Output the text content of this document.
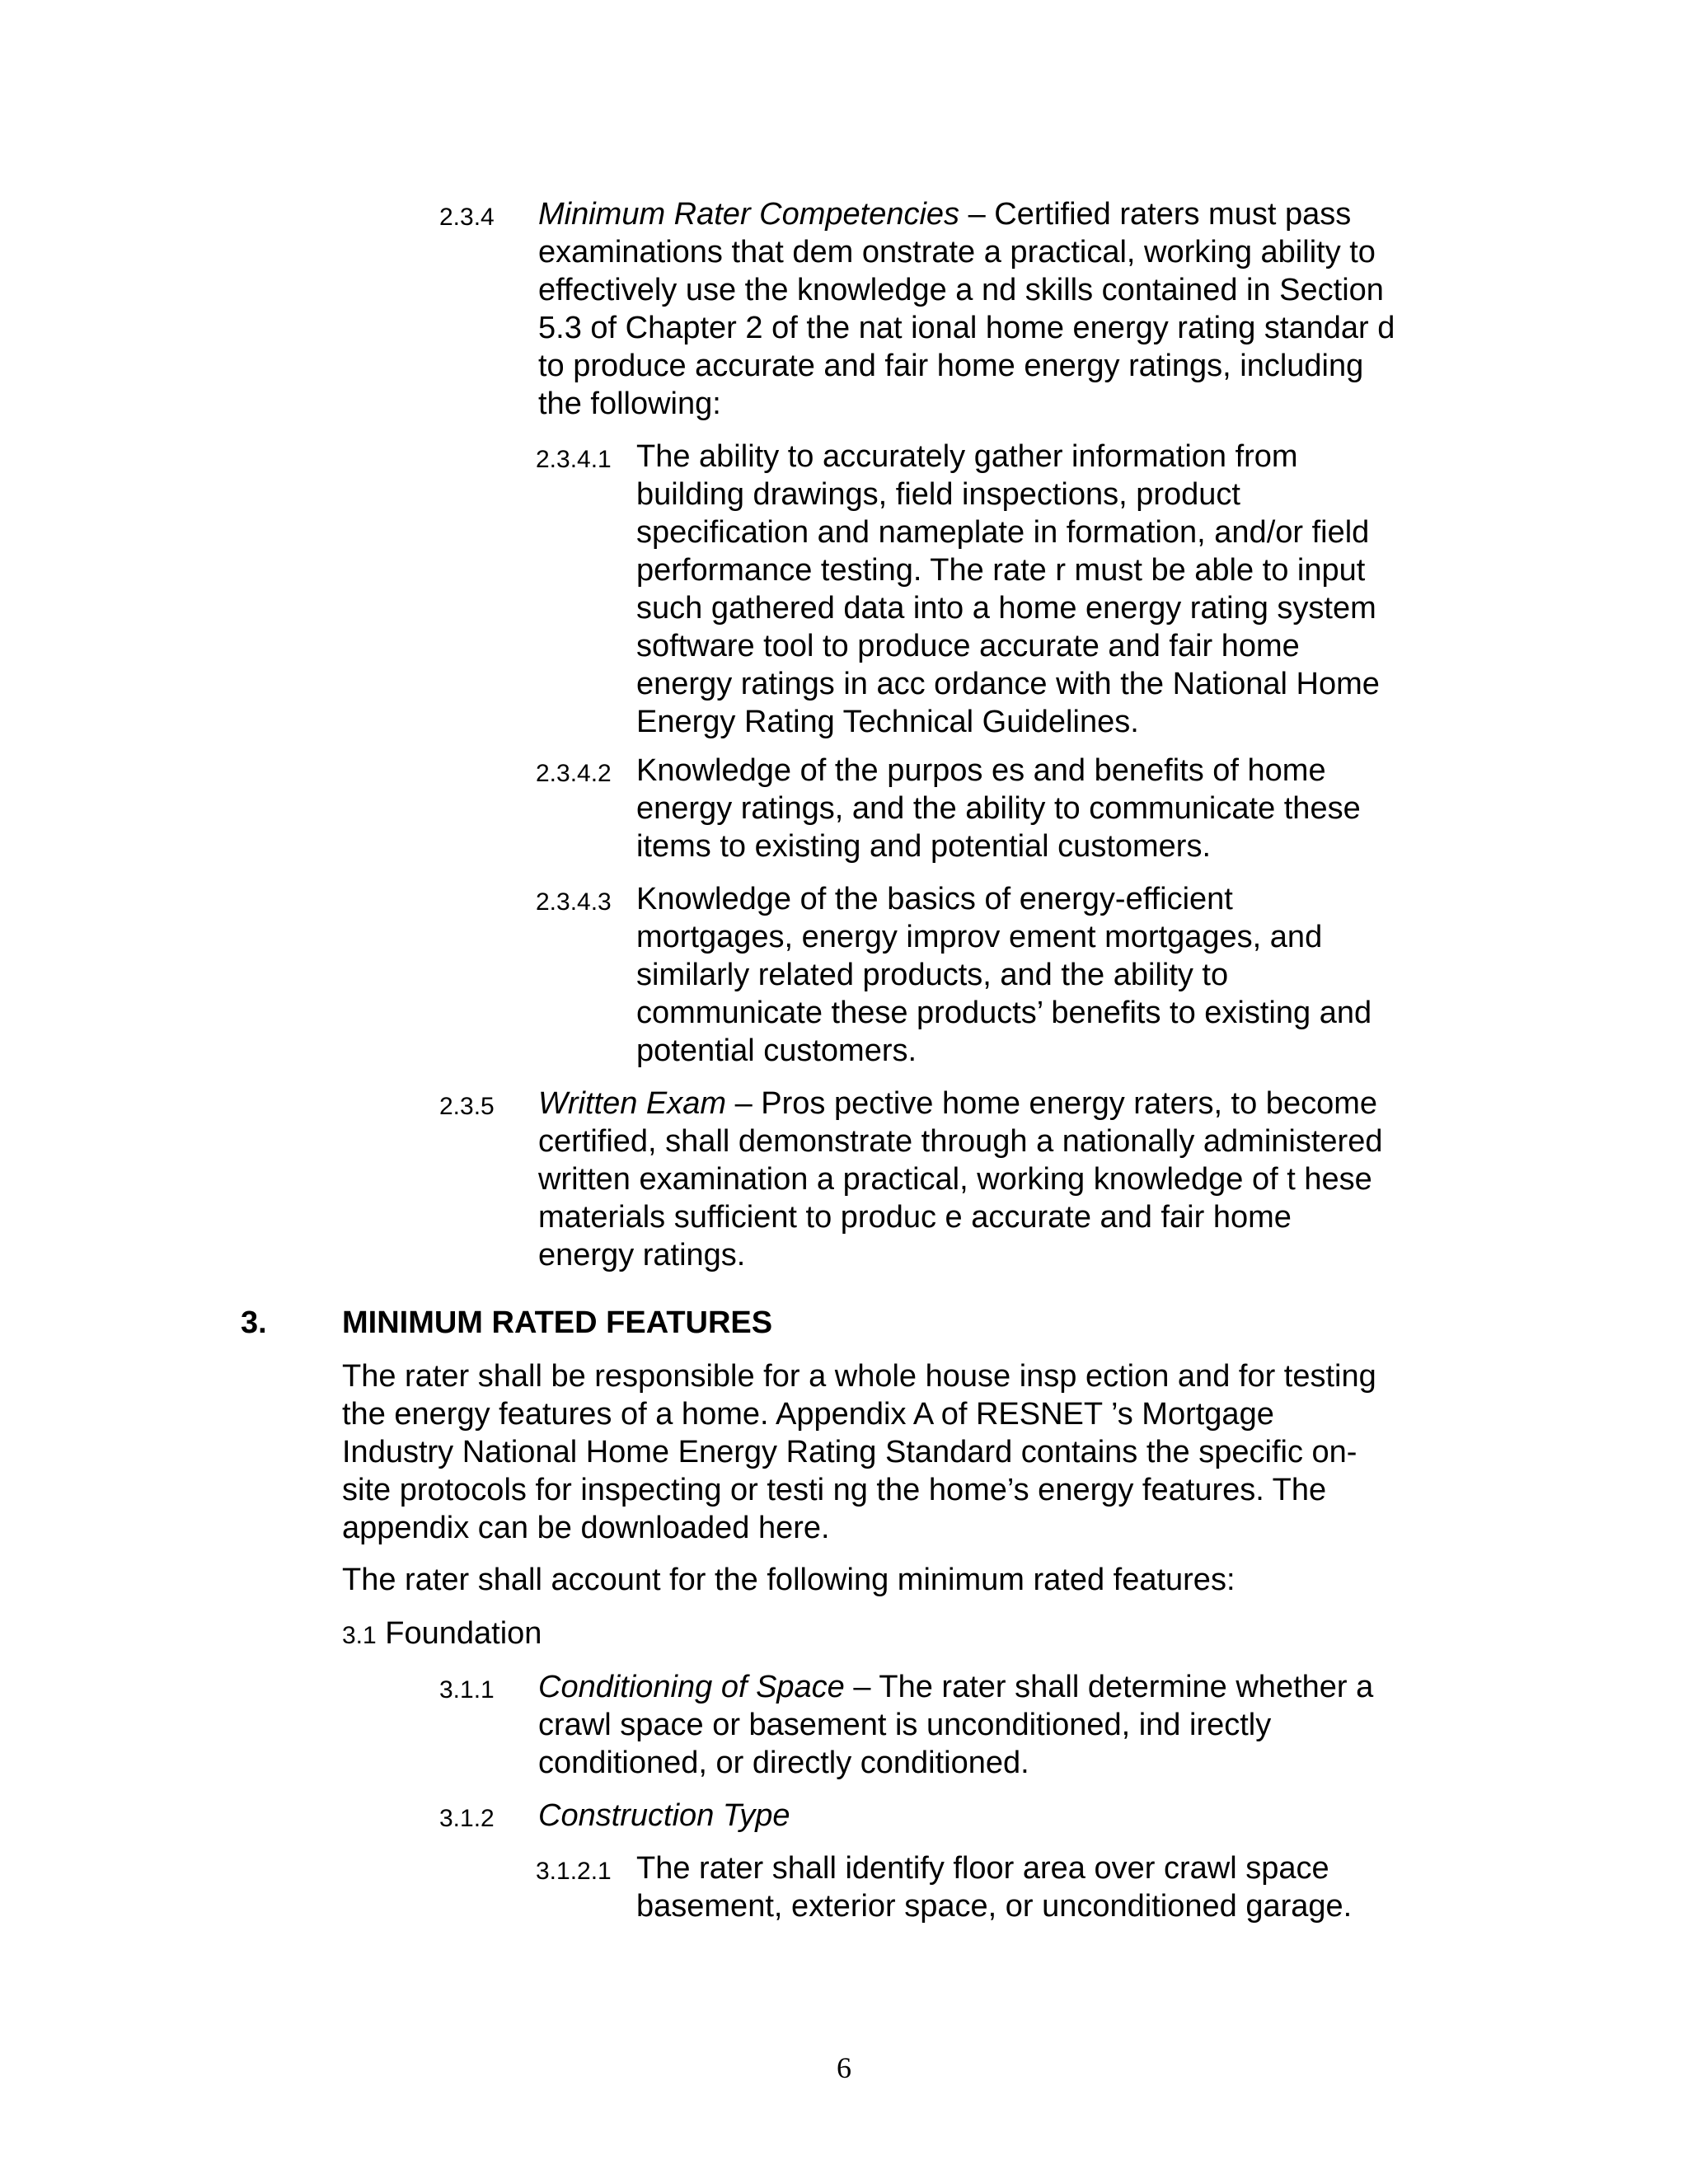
2.3.4 Minimum Rater Competencies – Certified raters must pass
examinations that dem onstrate a practical, working ability to
effectively use the knowledge a nd skills contained in Section
5.3 of Chapter 2 of the nat ional home energy rating standar d
to produce accurate and fair home energy ratings, including
the following:
2.3.4.1 The ability to accurately gather information from
building drawings, field inspections, product
specification and nameplate in formation, and/or field
performance testing. The rate r must be able to input
such gathered data into a home energy rating system
software tool to produce accurate and fair home
energy ratings in acc ordance with the National Home
Energy Rating Technical Guidelines.
2.3.4.2 Knowledge of the purpos es and benefits of home
energy ratings, and the ability to communicate these
items to existing and potential customers.
2.3.4.3 Knowledge of the basics of energy-efficient
mortgages, energy improv ement mortgages, and
similarly related products, and the ability to
communicate these products’ benefits to existing and
potential customers.
2.3.5 Written Exam – Pros pective home energy raters, to become
certified, shall demonstrate through a nationally administered
written examination a practical, working knowledge of t hese
materials sufficient to produc e accurate and fair home
energy ratings.
3. MINIMUM RATED FEATURES
The rater shall be responsible for a whole house insp ection and for testing
the energy features of a home. Appendix A of RESNET ’s Mortgage
Industry National Home Energy Rating Standard contains the specific on-
site protocols for inspecting or testi ng the home’s energy features. The
appendix can be downloaded here.
The rater shall account for the following minimum rated features:
3.1 Foundation
3.1.1 Conditioning of Space – The rater shall determine whether a
crawl space or basement is unconditioned, ind irectly
conditioned, or directly conditioned.
3.1.2 Construction Type
3.1.2.1 The rater shall identify floor area over crawl space
basement, exterior space, or unconditioned garage.
6
